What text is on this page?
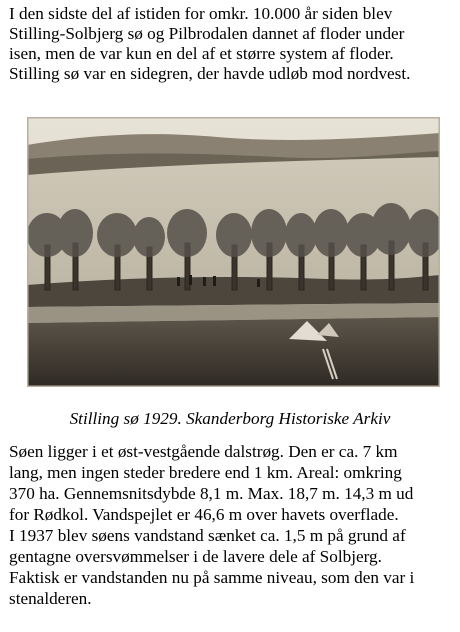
I den sidste del af istiden for omkr. 10.000 år siden blev
Stilling-Solbjerg sø og Pilbrodalen dannet af floder under
isen, men de var kun en del af et større system af floder.
Stilling sø var en sidegren, der havde udløb mod nordvest.

Stilling sø 1929. Skanderborg Historiske Arkiv

Søen ligger i et øst-vestgående dalstrøg. Den er ca. 7 km
lang, men ingen steder bredere end 1 km. Areal: omkring
370 ha. Gennemsnitsdybde 8,1 m. Max. 18,7 m. 14,3 m ud
for Rødkol. Vandspejlet er 46,6 m over havets overflade.
I 1937 blev søens vandstand sænket ca. 1,5 m på grund af
gentagne oversvømmelser i de lavere dele af Solbjerg.
Faktisk er vandstanden nu på samme niveau, som den var i
stenalderen.
